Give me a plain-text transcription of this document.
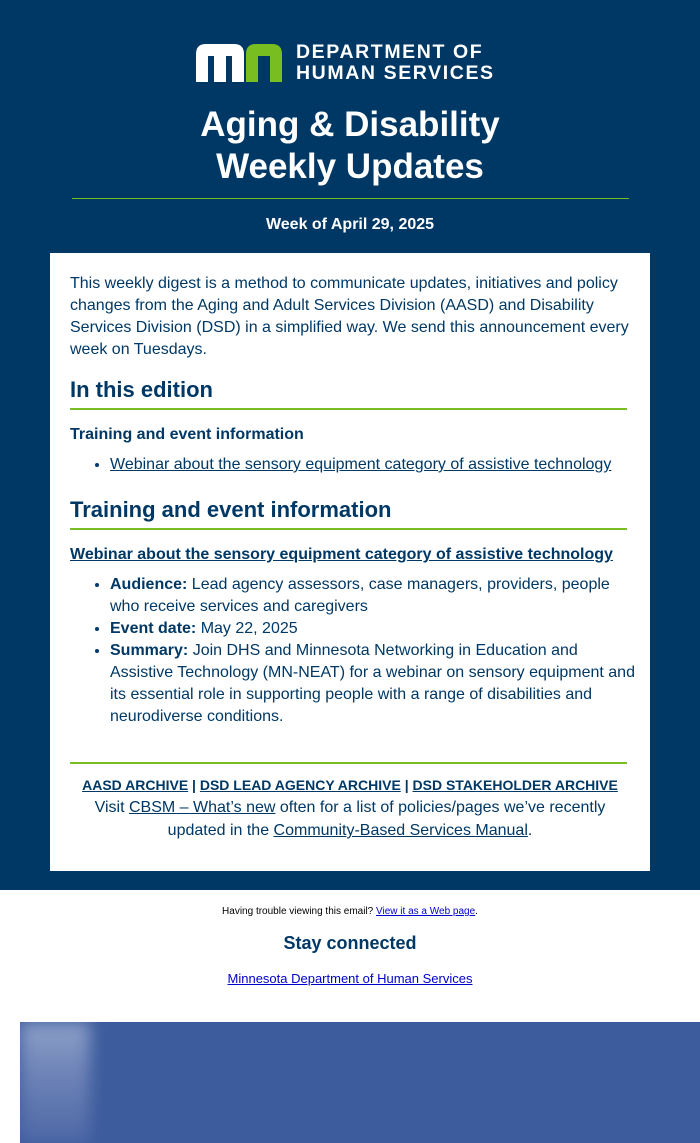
DEPARTMENT OF
HUMAN SERVICES
Aging & Disability
Weekly Updates
Week of April 29, 2025
This weekly digest is a method to communicate updates, initiatives and policy changes from the Aging and Adult Services Division (AASD) and Disability Services Division (DSD) in a simplified way. We send this announcement every week on Tuesdays.
In this edition
Training and event information
• Webinar about the sensory equipment category of assistive technology
Training and event information
Webinar about the sensory equipment category of assistive technology
• Audience: Lead agency assessors, case managers, providers, people who receive services and caregivers
• Event date: May 22, 2025
• Summary: Join DHS and Minnesota Networking in Education and Assistive Technology (MN-NEAT) for a webinar on sensory equipment and its essential role in supporting people with a range of disabilities and neurodiverse conditions.
AASD ARCHIVE | DSD LEAD AGENCY ARCHIVE | DSD STAKEHOLDER ARCHIVE
Visit CBSM – What’s new often for a list of policies/pages we’ve recently updated in the Community-Based Services Manual.
Having trouble viewing this email? View it as a Web page.
Stay connected
Minnesota Department of Human Services
